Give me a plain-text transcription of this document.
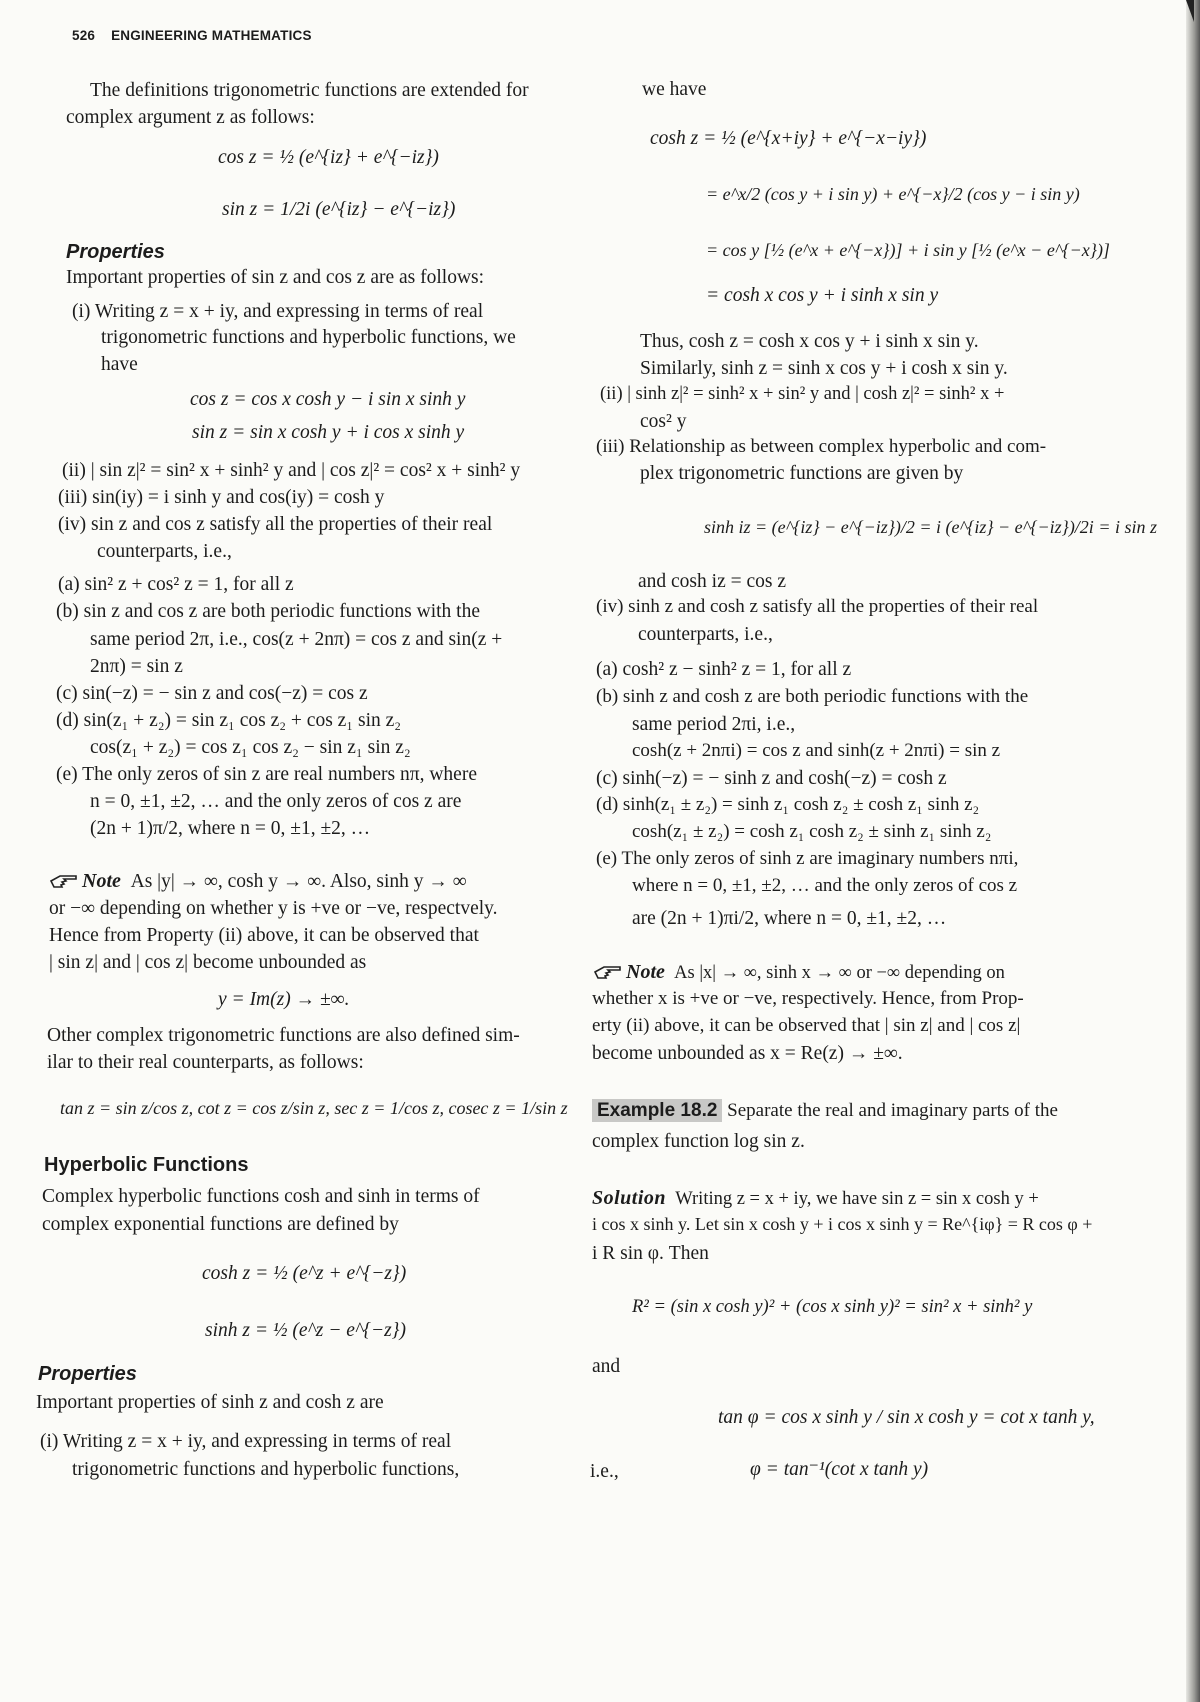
526 ENGINEERING MATHEMATICS
The definitions trigonometric functions are extended for
complex argument z as follows:
cos z = ½ (e^{iz} + e^{−iz})
sin z = 1/2i (e^{iz} − e^{−iz})
Properties
Important properties of sin z and cos z are as follows:
(i) Writing z = x + iy, and expressing in terms of real
trigonometric functions and hyperbolic functions, we
have
cos z = cos x cosh y − i sin x sinh y
sin z = sin x cosh y + i cos x sinh y
(ii) | sin z|² = sin² x + sinh² y and | cos z|² = cos² x + sinh² y
(iii) sin(iy) = i sinh y and cos(iy) = cosh y
(iv) sin z and cos z satisfy all the properties of their real
counterparts, i.e.,
(a) sin² z + cos² z = 1, for all z
(b) sin z and cos z are both periodic functions with the
same period 2π, i.e., cos(z + 2nπ) = cos z and sin(z +
2nπ) = sin z
(c) sin(−z) = − sin z and cos(−z) = cos z
(d) sin(z₁ + z₂) = sin z₁ cos z₂ + cos z₁ sin z₂
cos(z₁ + z₂) = cos z₁ cos z₂ − sin z₁ sin z₂
(e) The only zeros of sin z are real numbers nπ, where
n = 0, ±1, ±2, … and the only zeros of cos z are
(2n + 1)π/2, where n = 0, ±1, ±2, …
Note As |y| → ∞, cosh y → ∞. Also, sinh y → ∞
or −∞ depending on whether y is +ve or −ve, respectvely.
Hence from Property (ii) above, it can be observed that
| sin z| and | cos z| become unbounded as
y = Im(z) → ±∞.
Other complex trigonometric functions are also defined sim-
ilar to their real counterparts, as follows:
tan z = sin z/cos z, cot z = cos z/sin z, sec z = 1/cos z, cosec z = 1/sin z
Hyperbolic Functions
Complex hyperbolic functions cosh and sinh in terms of
complex exponential functions are defined by
cosh z = ½ (e^z + e^{−z})
sinh z = ½ (e^z − e^{−z})
Properties
Important properties of sinh z and cosh z are
(i) Writing z = x + iy, and expressing in terms of real
trigonometric functions and hyperbolic functions,
we have
cosh z = ½ (e^{x+iy} + e^{−x−iy})
= e^x/2 (cos y + i sin y) + e^{−x}/2 (cos y − i sin y)
= cos y [½ (e^x + e^{−x})] + i sin y [½ (e^x − e^{−x})]
= cosh x cos y + i sinh x sin y
Thus, cosh z = cosh x cos y + i sinh x sin y.
Similarly, sinh z = sinh x cos y + i cosh x sin y.
(ii) | sinh z|² = sinh² x + sin² y and | cosh z|² = sinh² x +
cos² y
(iii) Relationship as between complex hyperbolic and com-
plex trigonometric functions are given by
sinh iz = (e^{iz} − e^{−iz})/2 = i (e^{iz} − e^{−iz})/2i = i sin z
and cosh iz = cos z
(iv) sinh z and cosh z satisfy all the properties of their real
counterparts, i.e.,
(a) cosh² z − sinh² z = 1, for all z
(b) sinh z and cosh z are both periodic functions with the
same period 2πi, i.e.,
cosh(z + 2nπi) = cos z and sinh(z + 2nπi) = sin z
(c) sinh(−z) = − sinh z and cosh(−z) = cosh z
(d) sinh(z₁ ± z₂) = sinh z₁ cosh z₂ ± cosh z₁ sinh z₂
cosh(z₁ ± z₂) = cosh z₁ cosh z₂ ± sinh z₁ sinh z₂
(e) The only zeros of sinh z are imaginary numbers nπi,
where n = 0, ±1, ±2, … and the only zeros of cos z
are (2n + 1)πi/2, where n = 0, ±1, ±2, …
Note As |x| → ∞, sinh x → ∞ or −∞ depending on
whether x is +ve or −ve, respectively. Hence, from Prop-
erty (ii) above, it can be observed that | sin z| and | cos z|
become unbounded as x = Re(z) → ±∞.
Example 18.2 Separate the real and imaginary parts of the
complex function log sin z.
Solution Writing z = x + iy, we have sin z = sin x cosh y +
i cos x sinh y. Let sin x cosh y + i cos x sinh y = Re^{iφ} = R cos φ +
i R sin φ. Then
R² = (sin x cosh y)² + (cos x sinh y)² = sin² x + sinh² y
and
tan φ = cos x sinh y / sin x cosh y = cot x tanh y,
i.e.,	φ = tan⁻¹(cot x tanh y)
